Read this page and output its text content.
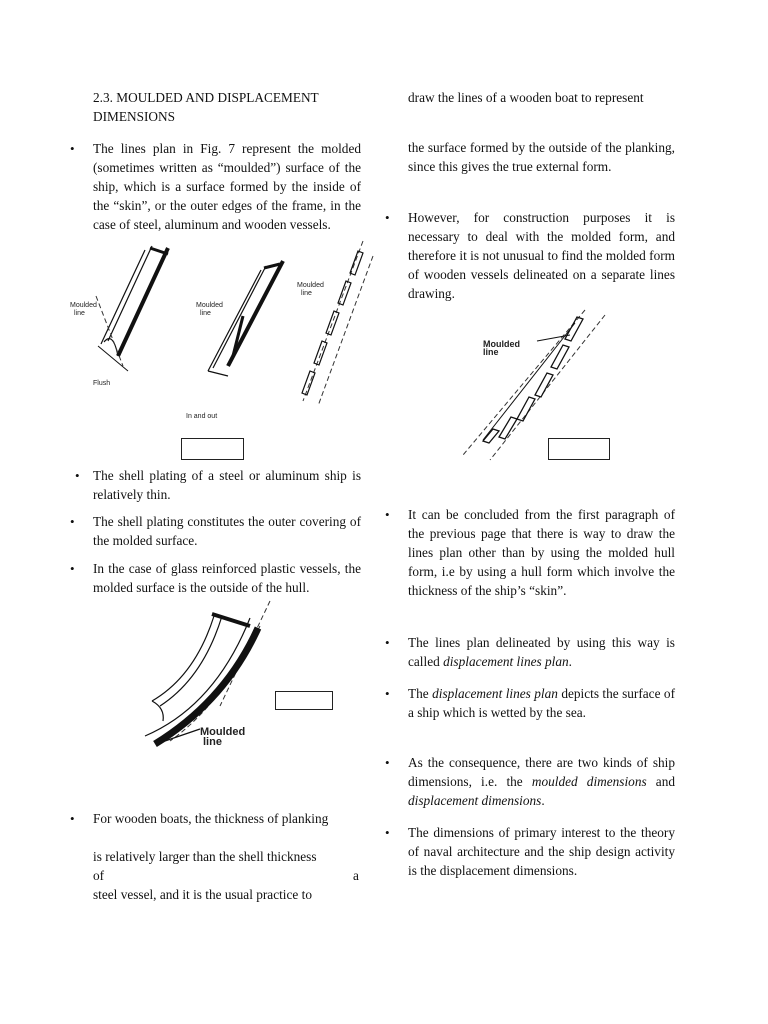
2.3. MOULDED AND DISPLACEMENT DIMENSIONS
• The lines plan in Fig. 7 represent the molded (sometimes written as “moulded”) surface of the ship, which is a surface formed by the inside of the “skin”, or the outer edges of the frame, in the case of steel, aluminum and wooden vessels.
Moulded
line
Flush
Moulded
line
In and out
Moulded
line
• The shell plating of a steel or aluminum ship is relatively thin.
• The shell plating constitutes the outer covering of the molded surface.
• In the case of glass reinforced plastic vessels, the molded surface is the outside of the hull.
Moulded
line
• For wooden boats, the thickness of planking
is relatively larger than the shell thickness
of	a
steel vessel, and it is the usual practice to
draw the lines of a wooden boat to represent
the surface formed by the outside of the planking, since this gives the true external form.
• However, for construction purposes it is necessary to deal with the molded form, and therefore it is not unusual to find the molded form of wooden vessels delineated on a separate lines drawing.
Moulded
line
• It can be concluded from the first paragraph of the previous page that there is way to draw the lines plan other than by using the molded hull form, i.e by using a hull form which involve the thickness of the ship’s “skin”.
• The lines plan delineated by using this way is called displacement lines plan.
• The displacement lines plan depicts the surface of a ship which is wetted by the sea.
• As the consequence, there are two kinds of ship dimensions, i.e. the moulded dimensions and displacement dimensions.
• The dimensions of primary interest to the theory of naval architecture and the ship design activity is the displacement dimensions.
